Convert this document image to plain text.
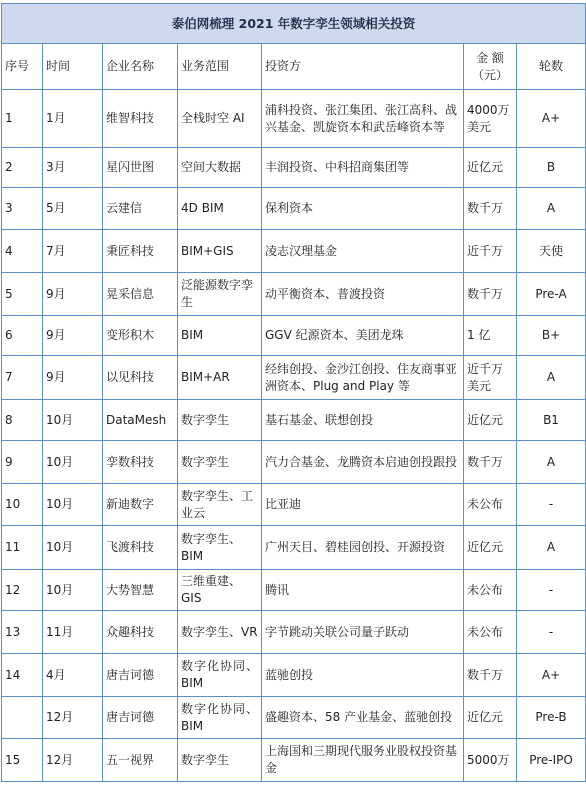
泰伯网梳理 2021 年数字孪生领域相关投资						
序号	时间	企业名称	业务范围	投资方	金 额（元）	轮数
1	1月	维智科技	全栈时空 AI	浦科投资、张江集团、张江高科、战兴基金、凯旋资本和武岳峰资本等	4000万美元	A+
2	3月	星闪世图	空间大数据	丰润投资、中科招商集团等	近亿元	B
3	5月	云建信	4D BIM	保利资本	数千万	A
4	7月	秉匠科技	BIM+GIS	凌志汉理基金	近千万	天使
5	9月	晃采信息	泛能源数字孪生	动平衡资本、普渡投资	数千万	Pre-A
6	9月	变形积木	BIM	GGV 纪源资本、美团龙珠	1 亿	B+
7	9月	以见科技	BIM+AR	经纬创投、金沙江创投、住友商事亚洲资本、Plug and Play 等	近千万美元	A
8	10月	DataMesh	数字孪生	基石基金、联想创投	近亿元	B1
9	10月	孪数科技	数字孪生	汽力合基金、龙腾资本启迪创投跟投	数千万	A
10	10月	新迪数字	数字孪生、工业云	比亚迪	未公布	-
11	10月	飞渡科技	数字孪生、BIM	广州天目、碧桂园创投、开源投资	近亿元	A
12	10月	大势智慧	三维重建、GIS	腾讯	未公布	-
13	11月	众趣科技	数字孪生、VR	字节跳动关联公司量子跃动	未公布	-
14	4月	唐吉诃德	数字化协同、BIM	蓝驰创投	数千万	A+
	12月	唐吉诃德	数字化协同、BIM	盛趣资本、58 产业基金、蓝驰创投	近亿元	Pre-B
15	12月	五一视界	数字孪生	上海国和三期现代服务业股权投资基金	5000万	Pre-IPO
